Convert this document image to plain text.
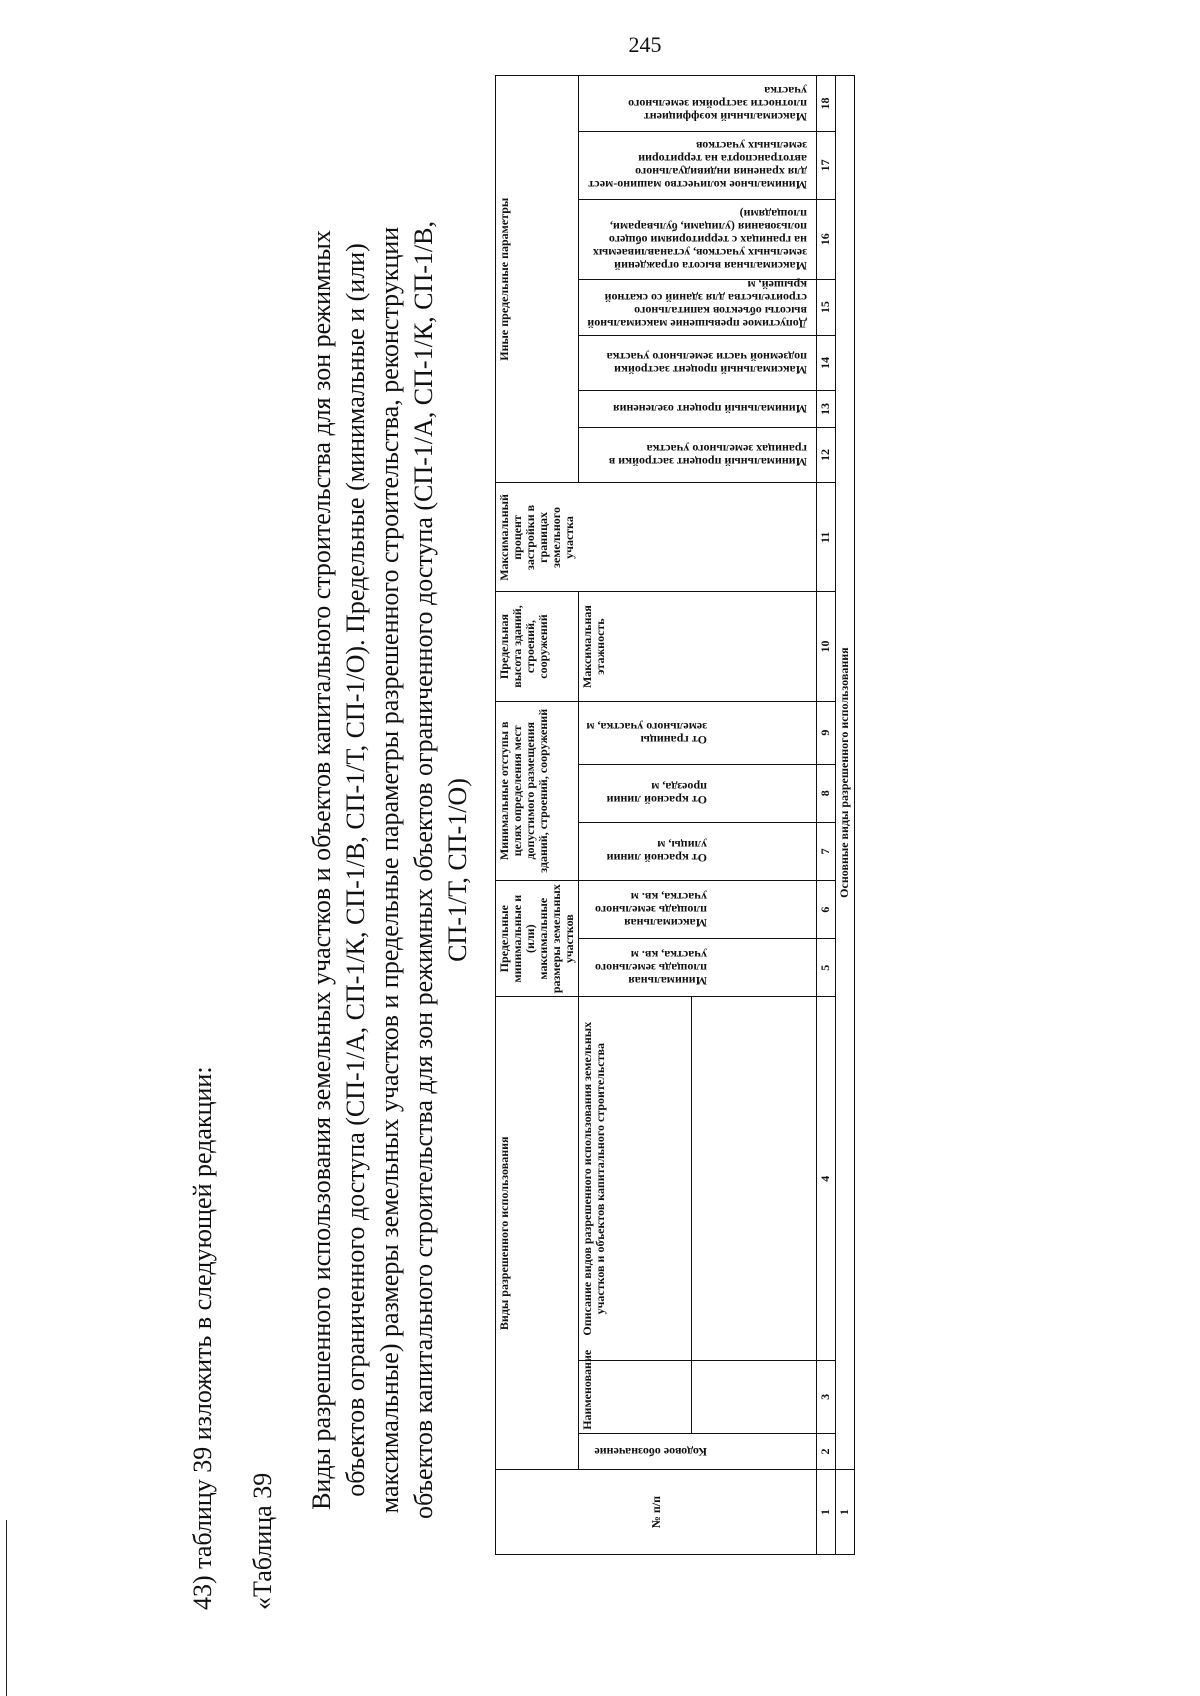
245
43) таблицу 39 изложить в следующей редакции: «Таблица 39
Виды разрешенного использования земельных участков и объектов капитального строительства для зон режимных объектов ограниченного доступа (СП-1/А, СП-1/К, СП-1/В, СП-1/Т, СП-1/О). Предельные (минимальные и (или) максимальные) размеры земельных участков и предельные параметры разрешенного строительства, реконструкции объектов капитального строительства для зон режимных объектов ограниченного доступа (СП-1/А, СП-1/К, СП-1/В, СП-1/Т, СП-1/О)
№ п/п	Виды разрешенного использования			Предельные минимальные и (или) максимальные размеры земельных участков		Минимальные отступы в целях определения мест допустимого размещения зданий, строений, сооружений			Предельная высота зданий, строений, сооружений	Максимальный процент застройки в границах земельного участка	Иные предельные параметры						
	Кодовое обозначение	Наименование	Описание видов разрешенного использования земельных участков и объектов капитального строительства	Минимальная площадь земельного участка, кв. м	Максимальная площадь земельного участка, кв. м	От красной линии улицы, м	От красной линии проезда, м	От границы земельного участка, м	Максимальная этажность		Минимальный процент застройки в границах земельного участка	Минимальный процент озеленения	Максимальный процент застройки подземной части земельного участка	Допустимое превышение максимальной высоты объектов капитального строительства для зданий со скатной крышей, м	Максимальная высота ограждений земельных участков, устанавливаемых на границах с территориями общего пользования (улицами, бульварами, площадями)	Минимальное количество машино-мест для хранения индивидуального автотранспорта на территории земельных участков	Максимальный коэффициент плотности застройки земельного участка

1	2	3	4	5	6	7	8	9	10	11	12	13	14	15	16	17	18
1	Основные виды разрешенного использования																
